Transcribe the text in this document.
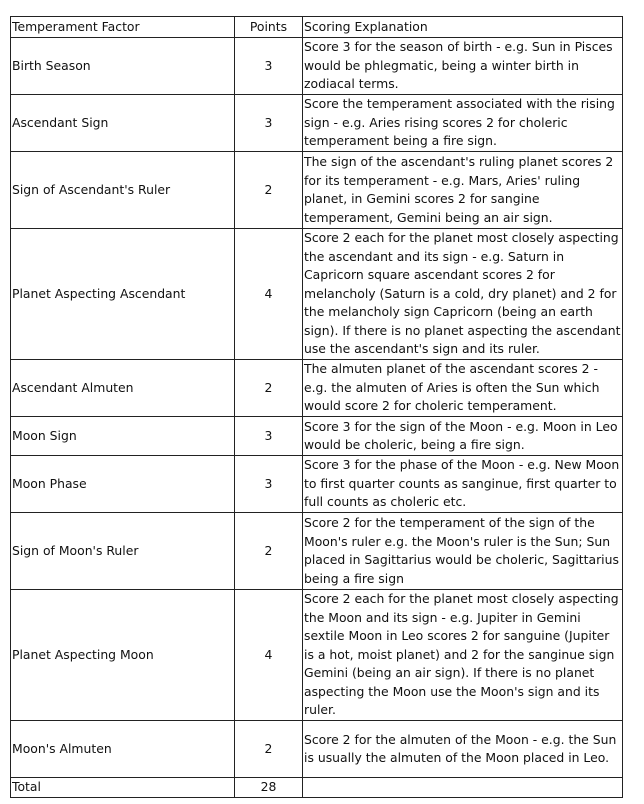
Temperament Factor	Points	Scoring Explanation
Birth Season	3	Score 3 for the season of birth - e.g. Sun in Pisces would be phlegmatic, being a winter birth in zodiacal terms.
Ascendant Sign	3	Score the temperament associated with the rising sign - e.g. Aries rising scores 2 for choleric temperament being a fire sign.
Sign of Ascendant's Ruler	2	The sign of the ascendant's ruling planet scores 2 for its temperament - e.g. Mars, Aries' ruling planet, in Gemini scores 2 for sangine temperament, Gemini being an air sign.
Planet Aspecting Ascendant	4	Score 2 each for the planet most closely aspecting the ascendant and its sign - e.g. Saturn in Capricorn square ascendant scores 2 for melancholy (Saturn is a cold, dry planet) and 2 for the melancholy sign Capricorn (being an earth sign). If there is no planet aspecting the ascendant use the ascendant's sign and its ruler.
Ascendant Almuten	2	The almuten planet of the ascendant scores 2 - e.g. the almuten of Aries is often the Sun which would score 2 for choleric temperament.
Moon Sign	3	Score 3 for the sign of the Moon - e.g. Moon in Leo would be choleric, being a fire sign.
Moon Phase	3	Score 3 for the phase of the Moon - e.g. New Moon to first quarter counts as sanginue, first quarter to full counts as choleric etc.
Sign of Moon's Ruler	2	Score 2 for the temperament of the sign of the Moon's ruler e.g. the Moon's ruler is the Sun; Sun placed in Sagittarius would be choleric, Sagittarius being a fire sign
Planet Aspecting Moon	4	Score 2 each for the planet most closely aspecting the Moon and its sign - e.g. Jupiter in Gemini sextile Moon in Leo scores 2 for sanguine (Jupiter is a hot, moist planet) and 2 for the sanginue sign Gemini (being an air sign). If there is no planet aspecting the Moon use the Moon's sign and its ruler.
Moon's Almuten	2	Score 2 for the almuten of the Moon - e.g. the Sun is usually the almuten of the Moon placed in Leo.
Total	28	
